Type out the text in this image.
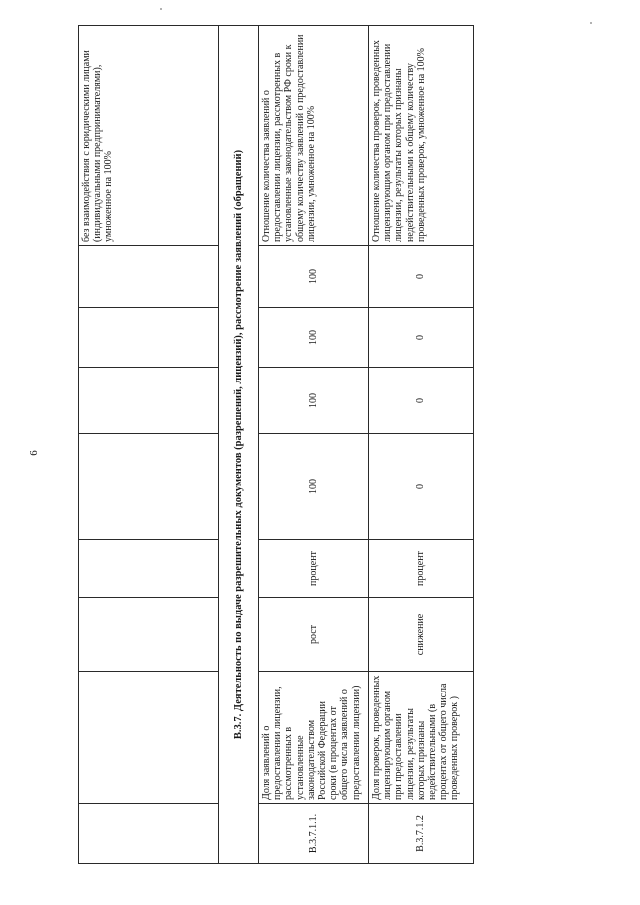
6
								без взаимодействия с юридическими лицами (индивидуальными предпринимателями), умноженное на 100%
В.3.7. Деятельность по выдаче разрешительных документов (разрешений, лицензий), рассмотрение заявлений (обращений)								
В.3.7.1.1.	Доля заявлений о предоставлении лицензии, рассмотренных в установленные законодательством Российской Федерации сроки (в процентах от общего числа заявлений о предоставлении лицензии)	рост	процент	100	100	100	100	Отношение количества заявлений о предоставлении лицензии, рассмотренных в установленные законодательством РФ сроки к общему количеству заявлений о предоставлении лицензии, умноженное на 100%
В.3.7.1.2	Доля проверок, проведенных лицензирующим органом при предоставлении лицензии, результаты которых признаны недействительными (в процентах от общего числа проведенных проверок )	снижение	процент	0	0	0	0	Отношение количества проверок, проведенных лицензирующим органом при предоставлении лицензии, результаты которых признаны недействительными к общему количеству проведенных проверок, умноженное на 100%
